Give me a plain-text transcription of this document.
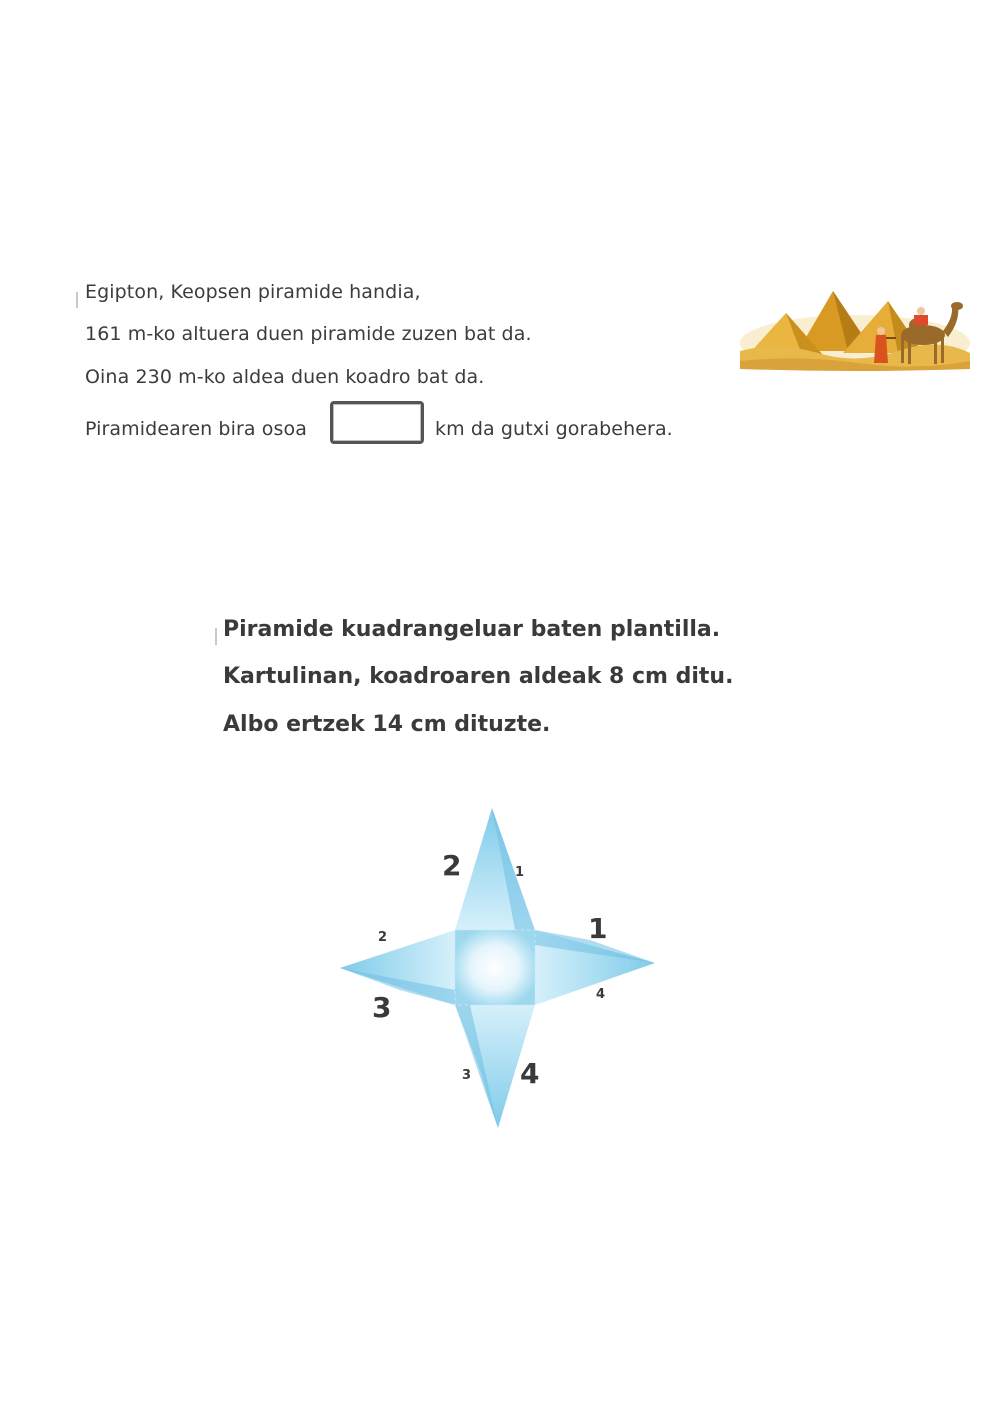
Egipton, Keopsen piramide handia,
161 m-ko altuera duen piramide zuzen bat da.
Oina 230 m-ko aldea duen koadro bat da.
Piramidearen bira osoa	km da gutxi gorabehera.
Piramide kuadrangeluar baten plantilla.
Kartulinan, koadroaren aldeak 8 cm ditu.
Albo ertzek 14 cm dituzte.
2	1
1
4
2
3
3 4
